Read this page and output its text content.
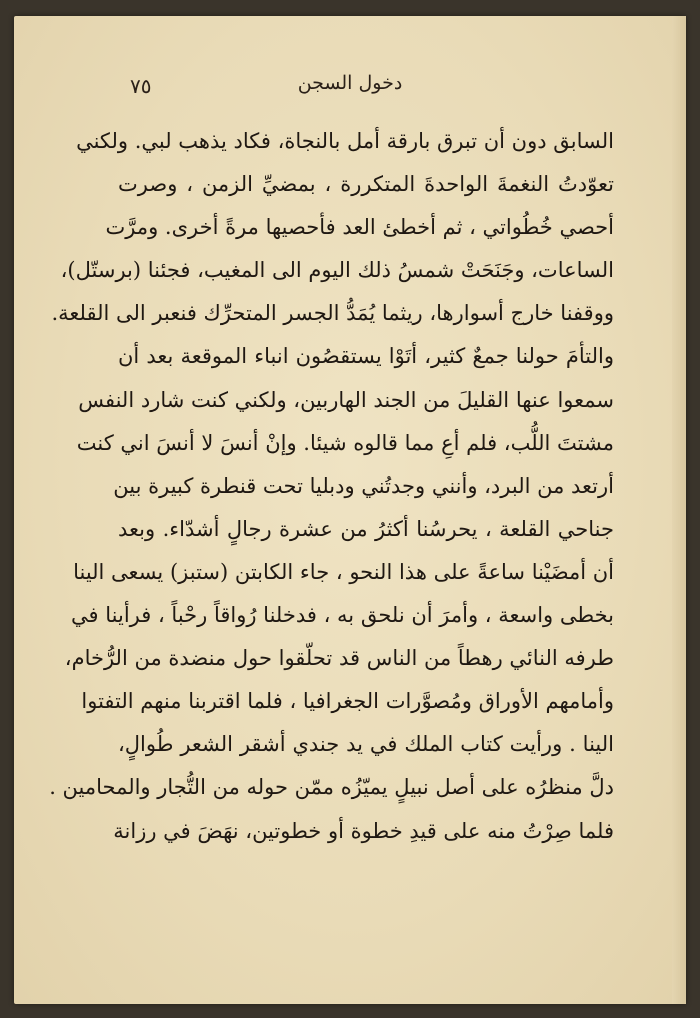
دخول السجن
٧٥
السابق دون أن تبرق بارقة أمل بالنجاة، فكاد يذهب لبي. ولكني
تعوّدتُ النغمةَ الواحدةَ المتكررة ، بمضيِّ الزمن ، وصرت
أحصي خُطُواتي ، ثم أخطئ العد فأحصيها مرةً أخرى. ومرَّت
الساعات، وجَنَحَتْ شمسُ ذلك اليوم الى المغيب، فجئنا (برستّل)،
ووقفنا خارج أسوارها، ريثما يُمَدُّ الجسر المتحرِّك فنعبر الى القلعة.
والتأمَ حولنا جمعٌ كثير، أتَوْا يستقصُون انباء الموقعة بعد أن
سمعوا عنها القليلَ من الجند الهاربين، ولكني كنت شارد النفس
مشتتَ اللُّب، فلم أعِ مما قالوه شيئا. وإنْ أنسَ لا أنسَ اني كنت
أرتعد من البرد، وأنني وجدتُني ودبليا تحت قنطرة كبيرة بين
جناحي القلعة ، يحرسُنا أكثرُ من عشرة رجالٍ أشدّاء. وبعد
أن أمضَيْنا ساعةً على هذا النحو ، جاء الكابتن (ستبز) يسعى الينا
بخطى واسعة ، وأمرَ أن نلحق به ، فدخلنا رُواقاً رحْباً ، فرأينا في
طرفه النائي رهطاً من الناس قد تحلّقوا حول منضدة من الرُّخام،
وأمامهم الأوراق ومُصوَّرات الجغرافيا ، فلما اقتربنا منهم التفتوا
الينا . ورأيت كتاب الملك في يد جندي أشقر الشعر طُوالٍ،
دلَّ منظرُه على أصل نبيلٍ يميّزُه ممّن حوله من التُّجار والمحامين .
فلما صِرْتُ منه على قيدِ خطوة أو خطوتين، نهَضَ في رزانة
